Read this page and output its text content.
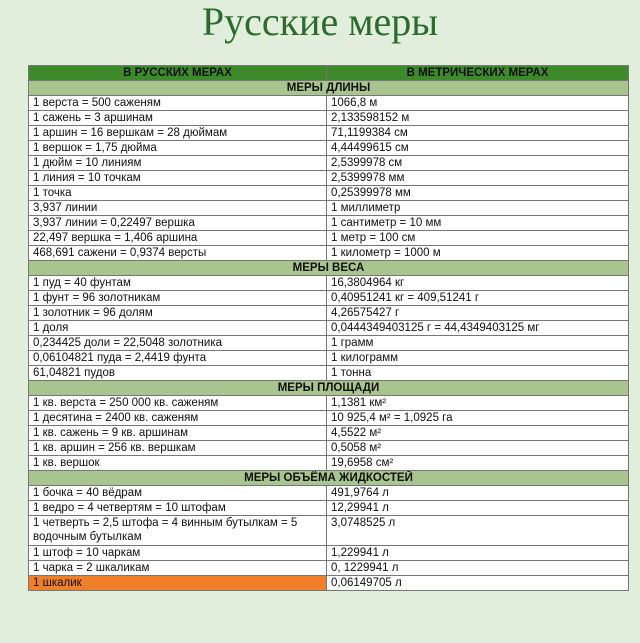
Русские меры
В РУССКИХ МЕРАХ	В МЕТРИЧЕСКИХ МЕРАХ
МЕРЫ ДЛИНЫ	
1 верста = 500 саженям	1066,8 м
1 сажень = 3 аршинам	2,133598152 м
1 аршин = 16 вершкам = 28 дюймам	71,1199384 см
1 вершок = 1,75 дюйма	4,44499615 см
1 дюйм = 10 линиям	2,5399978 см
1 линия = 10 точкам	2,5399978 мм
1 точка	0,25399978 мм
3,937 линии	1 миллиметр
3,937 линии = 0,22497 вершка	1 сантиметр = 10 мм
22,497 вершка = 1,406 аршина	1 метр = 100 см
468,691 сажени = 0,9374 версты	1 километр = 1000 м
МЕРЫ ВЕСА	
1 пуд = 40 фунтам	16,3804964 кг
1 фунт = 96 золотникам	0,40951241 кг = 409,51241 г
1 золотник = 96 долям	4,26575427 г
1 доля	0,0444349403125 г = 44,4349403125 мг
0,234425 доли = 22,5048 золотника	1 грамм
0,06104821 пуда = 2,4419 фунта	1 килограмм
61,04821 пудов	1 тонна
МЕРЫ ПЛОЩАДИ	
1 кв. верста = 250 000 кв. саженям	1,1381 км²
1 десятина = 2400 кв. саженям	10 925,4 м² = 1,0925 га
1 кв. сажень = 9 кв. аршинам	4,5522 м²
1 кв. аршин = 256 кв. вершкам	0,5058 м²
1 кв. вершок	19,6958 см²
МЕРЫ ОБЪЁМА ЖИДКОСТЕЙ	
1 бочка = 40 вёдрам	491,9764 л
1 ведро = 4 четвертям = 10 штофам	12,29941 л
1 четверть = 2,5 штофа = 4 винным бутылкам = 5 водочным бутылкам	3,0748525 л
1 штоф = 10 чаркам	1,229941 л
1 чарка = 2 шкаликам	0, 1229941 л
1 шкалик	0,06149705 л
